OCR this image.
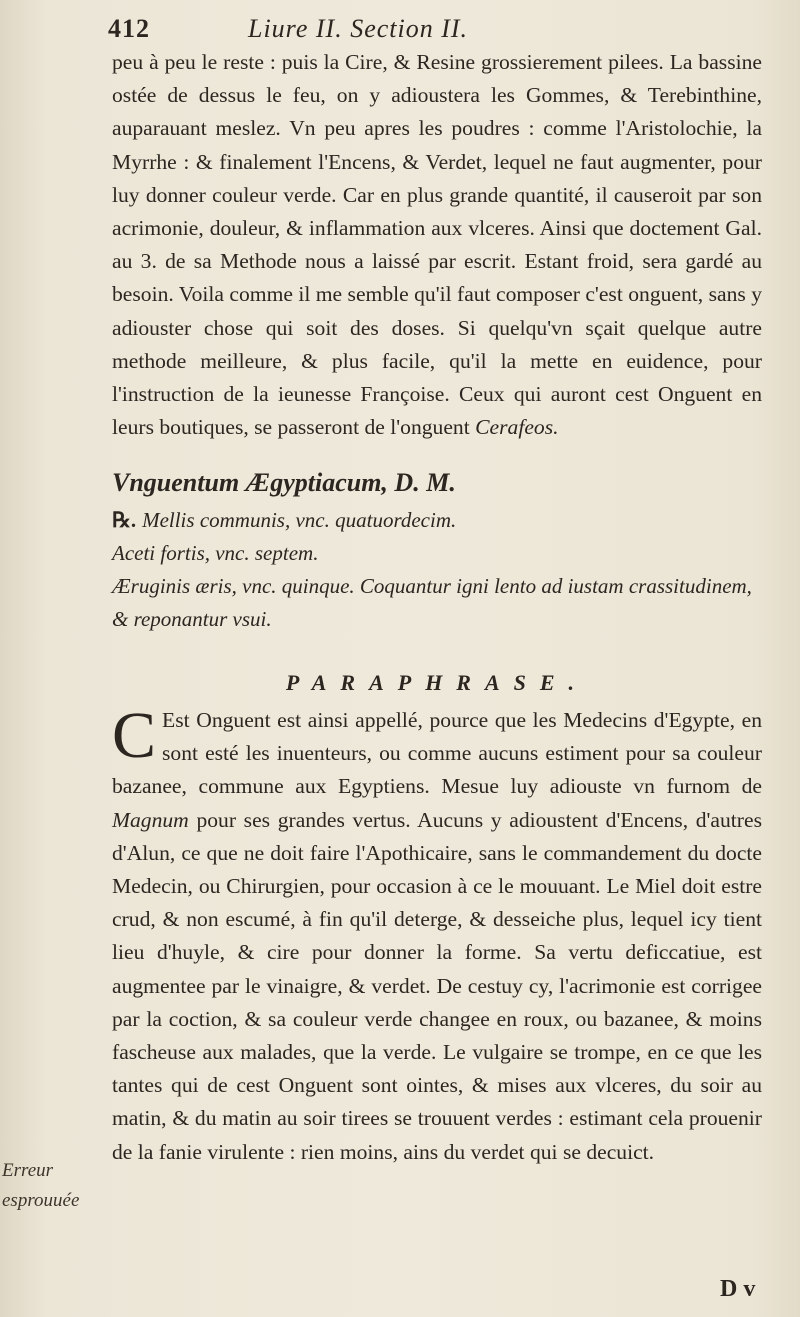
412	Liure II. Section II.

peu à peu le reste : puis la Cire, & Resine grossierement pilees. La bassine ostée de dessus le feu, on y adioustera les Gommes, & Terebinthine, auparauant meslez. Vn peu apres les poudres : comme l'Aristolochie, la Myrrhe : & finalement l'Encens, & Verdet, lequel ne faut augmenter, pour luy donner couleur verde. Car en plus grande quantité, il causeroit par son acrimonie, douleur, & inflammation aux vlceres. Ainsi que doctement Gal. au 3. de sa Methode nous a laissé par escrit. Estant froid, sera gardé au besoin. Voila comme il me semble qu'il faut composer c'est onguent, sans y adiouster chose qui soit des doses. Si quelqu'vn sçait quelque autre methode meilleure, & plus facile, qu'il la mette en euidence, pour l'instruction de la ieunesse Françoise. Ceux qui auront cest Onguent en leurs boutiques, se passeront de l'onguent Cerafeos.

Vnguentum Ægyptiacum, D. M.

℞. Mellis communis, vnc. quatuordecim.

Aceti fortis, vnc. septem.

Æruginis æris, vnc. quinque. Coquantur igni lento ad iustam crassitudinem, & reponantur vsui.

PARAPHRASE.

C Est Onguent est ainsi appellé, pource que les Medecins d'Egypte, en sont esté les inuenteurs, ou comme aucuns estiment pour sa couleur bazanee, commune aux Egyptiens. Mesue luy adiouste vn furnom de Magnum pour ses grandes vertus. Aucuns y adioustent d'Encens, d'autres d'Alun, ce que ne doit faire l'Apothicaire, sans le commandement du docte Medecin, ou Chirurgien, pour occasion à ce le mouuant. Le Miel doit estre crud, & non escumé, à fin qu'il deterge, & desseiche plus, lequel icy tient lieu d'huyle, & cire pour donner la forme. Sa vertu deficcatiue, est augmentee par le vinaigre, & verdet. De cestuy cy, l'acrimonie est corrigee par la coction, & sa couleur verde changee en roux, ou bazanee, & moins fascheuse aux malades, que la verde. Le vulgaire se trompe, en ce que les tantes qui de cest Onguent sont ointes, & mises aux vlceres, du soir au matin, & du matin au soir tirees se trouuent verdes : estimant cela prouenir de la fanie virulente : rien moins, ains du verdet qui se decuict.

Erreur

esprouuée

D v
